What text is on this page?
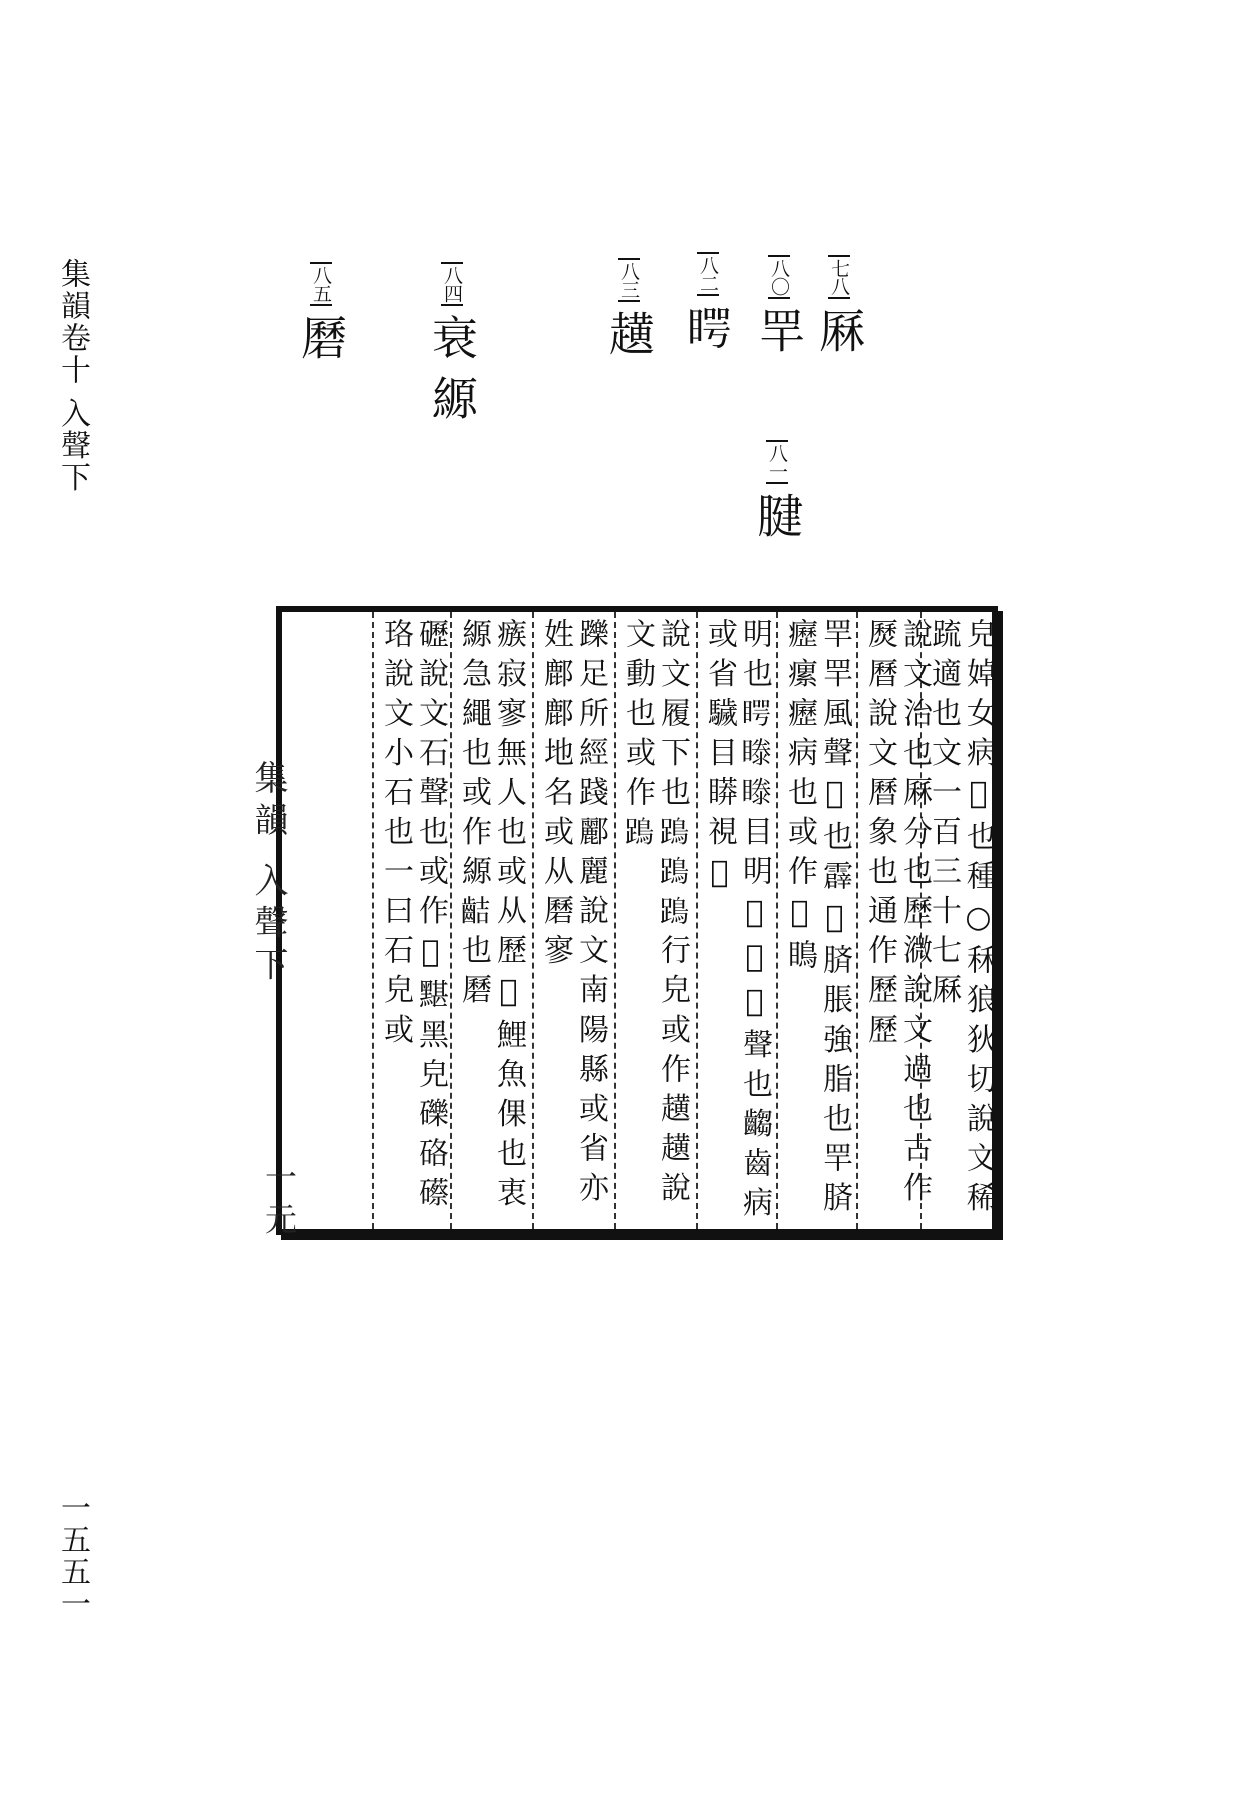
集韻卷十 入聲下
一五五一
七八厤
八〇䍐
八一腱
八二𥈭
八三趪
八四衰 縓
八五磿
皃 婥 女 病 𢡚 也 種 ○ 秝 狼 狄 切 說 文 稀 䟽 適 也 文 一 百 三 十 七 厤
說 文 治 也 厤 分 也 歷 㵟 說 文 過 也 古 作 㷴 曆 說 文 曆 象 也 通 作 歷 歷
䍐 䍐 風 聲 𩂳 也 霹 𩂳 𦜝 脹 強 脂 也 䍐 𦜝 癧 瘰 癧 病 也 或 作 𤸨 瞗
明 也 𥈭 𥉋 𥉋 目 明 𠯬 𠯬 𠯬 聲 也 齺 齒 病 或 省 䮹 目 䁳 視 𢡚
說 文 履 下 也 𨄙 𨄙 𨄙 行 皃 或 作 趪 趪 說 文 動 也 或 作 𨄙
躒 足 所 經 踐 酈 麗 說 文 南 陽 縣 或 省 亦 姓 鄜 鄜 地 名 或 从 磿 寥
瘯 寂 寥 無 人 也 或 从 歷 𩾄 鯉 魚 倮 也 衷 縓 急 繩 也 或 作 縓 𪗾 也 磿
礰 說 文 石 聲 也 或 作 𥒢 黮 黑 皃 礫 硌 礤 珞 說 文 小 石 也 一 曰 石 皃 或
集韻 入聲下
一 元
